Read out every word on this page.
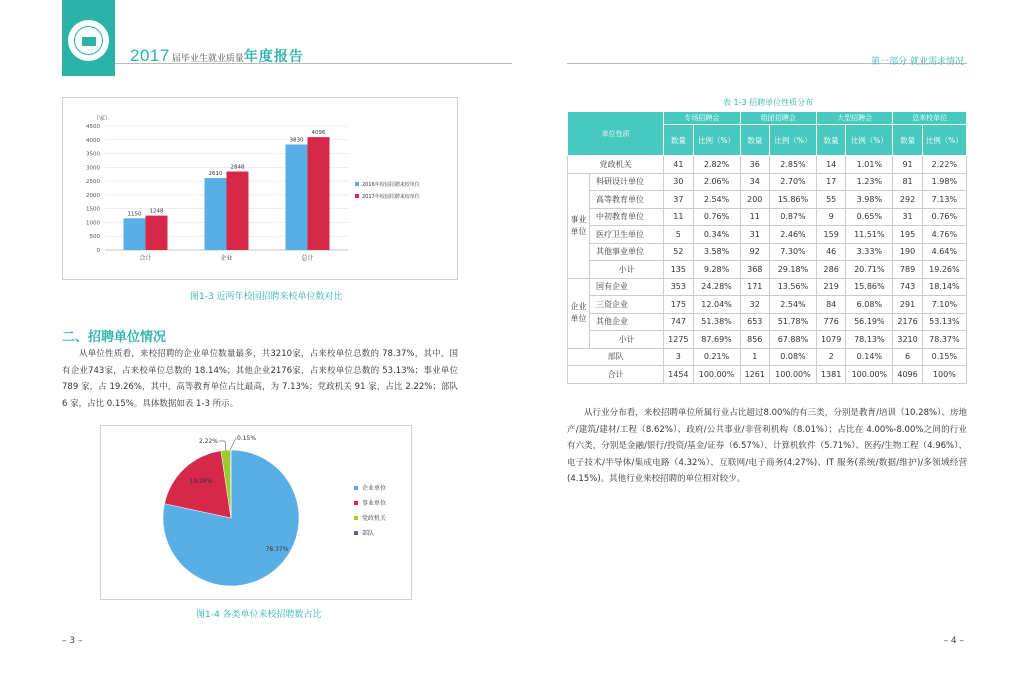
2017 届毕业生就业质量年度报告
（家）
0
500
1000
1500
2000
2500
3000
3500
4000
4500
1150 1248
合计
2610
2848
企业
3830
4096
总计
2016年校园招聘来校单位
2017年校园招聘来校单位
图1-3 近两年校园招聘来校单位数对比
二、招聘单位情况
从单位性质看，来校招聘的企业单位数量最多，共3210家，占来校单位总数的 78.37%，其中，国有企业743家，占来校单位总数的 18.14%；其他企业2176家，占来校单位总数的 53.13%；事业单位 789 家，占 19.26%，其中，高等教育单位占比最高，为 7.13%；党政机关 91 家，占比 2.22%；部队 6 家，占比 0.15%。具体数据如表 1-3 所示。
78.37%
19.26%
2.22%	0.15%
企业单位
事业单位
党政机关
部队
图1-4 各类单位来校招聘数占比
– 3 –
第一部分 就业需求情况
表 1-3 招聘单位性质分布
单位性质		专场招聘会		组团招聘会		大型招聘会		总来校单位	
		数量	比例（%）	数量	比例（%）	数量	比例（%）	数量	比例（%）
党政机关		41	2.82%	36	2.85%	14	1.01%	91	2.22%
事业
单位	科研设计单位	30	2.06%	34	2.70%	17	1.23%	81	1.98%
	高等教育单位	37	2.54%	200	15.86%	55	3.98%	292	7.13%
	中初教育单位	11	0.76%	11	0.87%	9	0.65%	31	0.76%
	医疗卫生单位	5	0.34%	31	2.46%	159	11.51%	195	4.76%
	其他事业单位	52	3.58%	92	7.30%	46	3.33%	190	4.64%
	小计	135	9.28%	368	29.18%	286	20.71%	789	19.26%
企业
单位	国有企业	353	24.28%	171	13.56%	219	15.86%	743	18.14%
	三资企业	175	12.04%	32	2.54%	84	6.08%	291	7.10%
	其他企业	747	51.38%	653	51.78%	776	56.19%	2176	53.13%
	小计	1275	87.69%	856	67.88%	1079	78.13%	3210	78.37%
部队		3	0.21%	1	0.08%	2	0.14%	6	0.15%
合计		1454	100.00%	1261	100.00%	1381	100.00%	4096	100%
从行业分布看，来校招聘单位所属行业占比超过8.00%的有三类，分别是教育/培训（10.28%）、房地产/建筑/建材/工程（8.62%）、政府/公共事业/非营利机构（8.01%）；占比在 4.00%-8.00%之间的行业有六类，分别是金融/银行/投资/基金/证券（6.57%）、计算机软件（5.71%）、医药/生物工程（4.96%）、电子技术/半导体/集成电路（4.32%）、互联网/电子商务(4.27%)、IT 服务(系统/数据/维护)/多领域经营(4.15%)。其他行业来校招聘的单位相对较少。
– 4 –
